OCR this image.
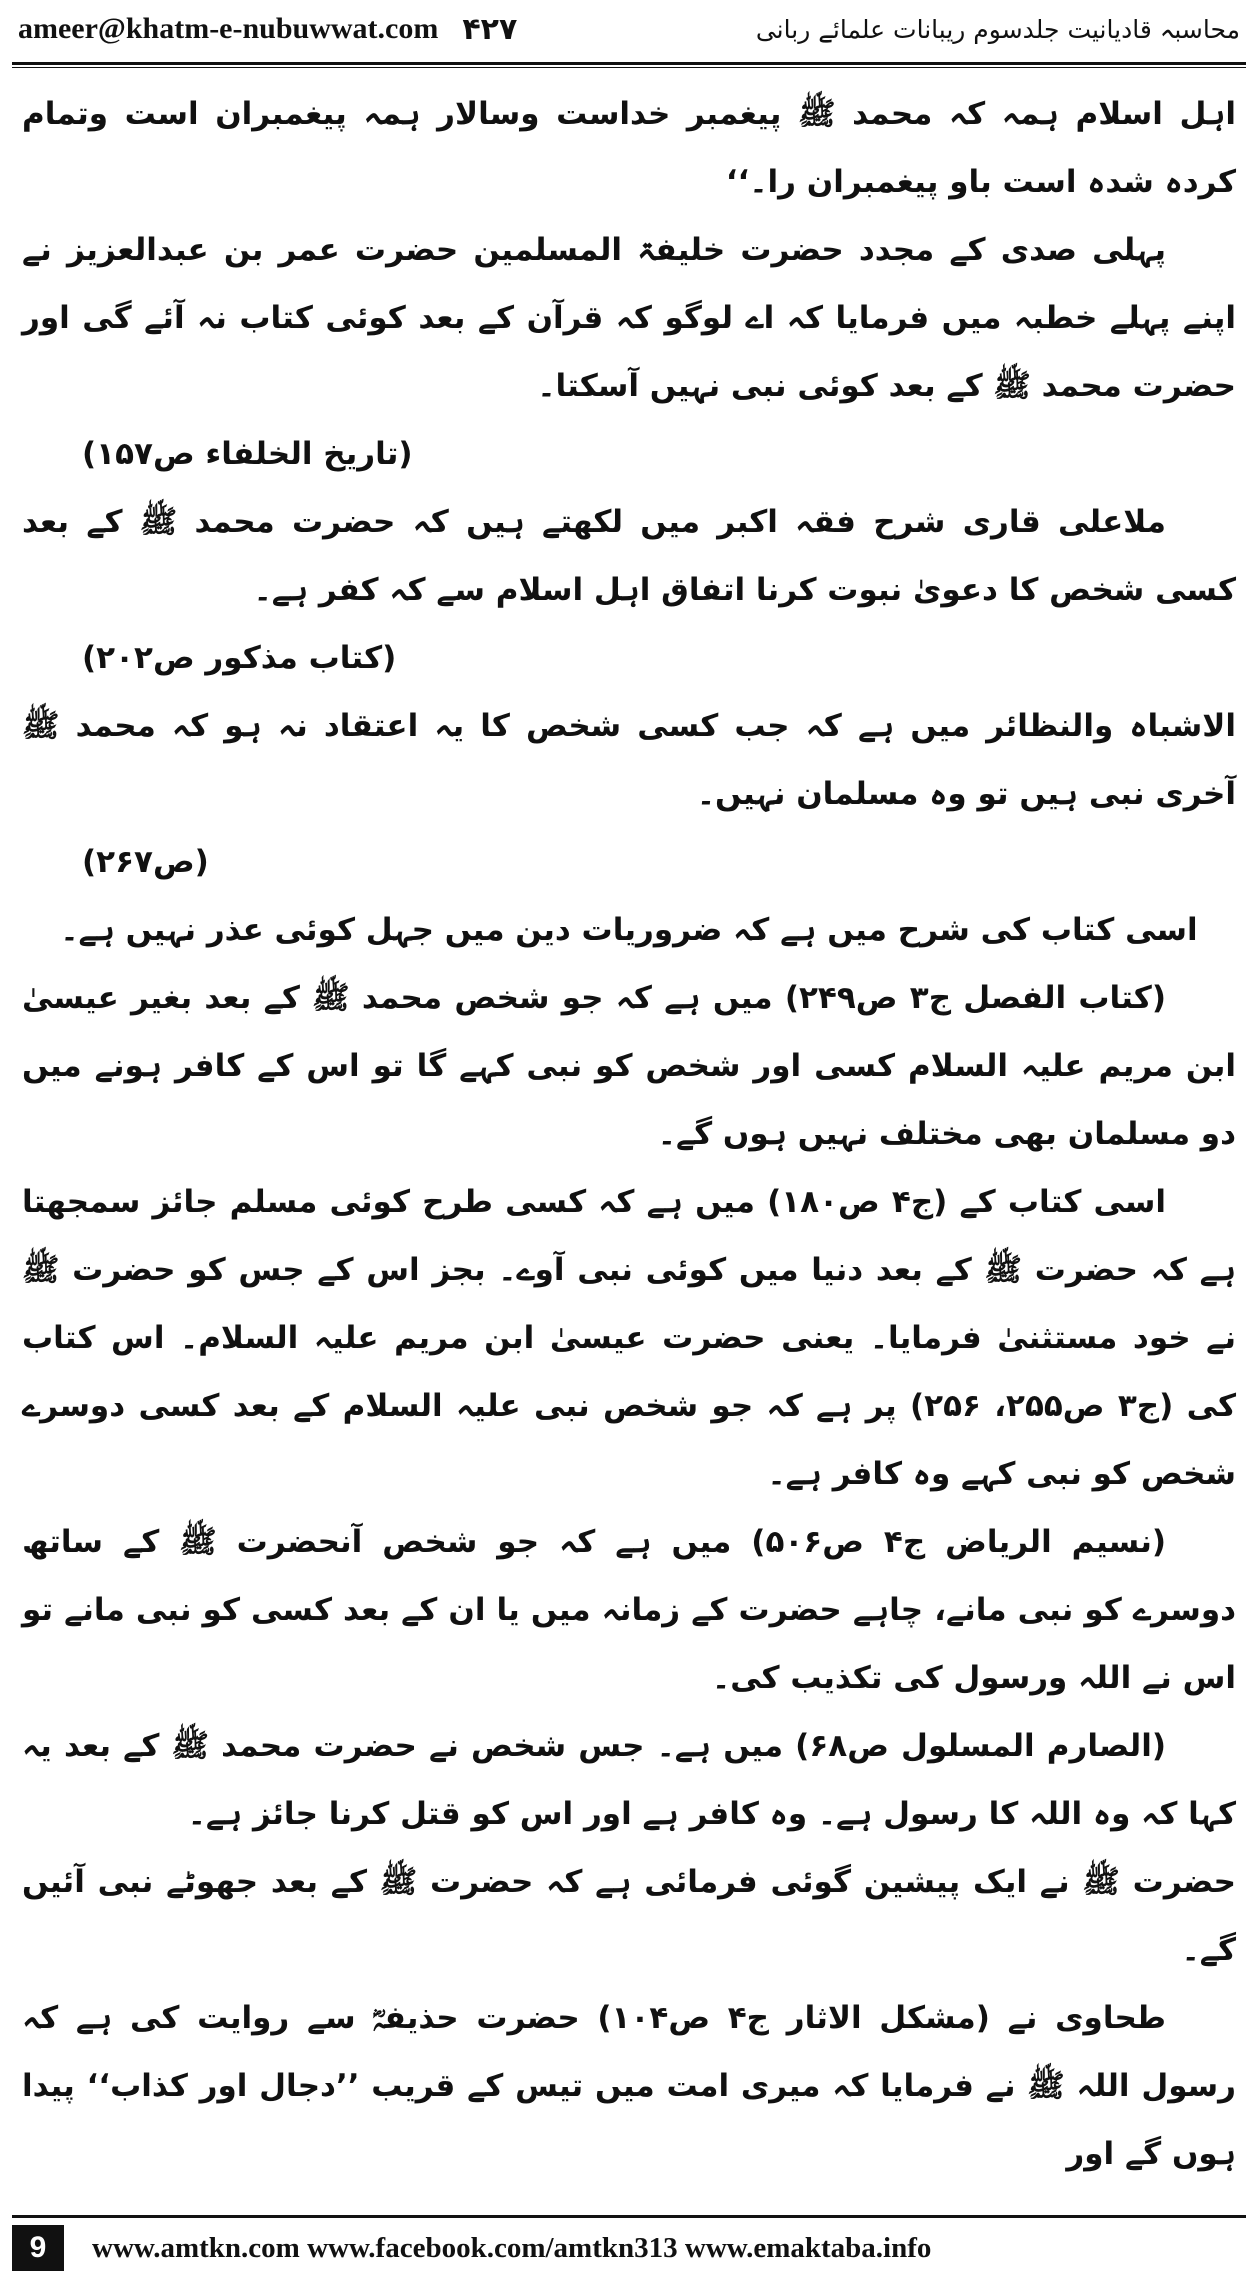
ameer@khatm-e-nubuwwat.com ۴۲۷	محاسبہ قادیانیت جلدسوم ریبانات علمائے ربانی

اہل اسلام ہمہ کہ محمد ﷺ پیغمبر خداست وسالار ہمہ پیغمبران است وتمام کردہ شدہ است باو پیغمبران را۔‘‘

پہلی صدی کے مجدد حضرت خلیفۃ المسلمین حضرت عمر بن عبدالعزیز نے اپنے پہلے خطبہ میں فرمایا کہ اے لوگو کہ قرآن کے بعد کوئی کتاب نہ آئے گی اور حضرت محمد ﷺ کے بعد کوئی نبی نہیں آسکتا۔
(تاریخ الخلفاء ص۱۵۷)

ملاعلی قاری شرح فقہ اکبر میں لکھتے ہیں کہ حضرت محمد ﷺ کے بعد کسی شخص کا دعویٰ نبوت کرنا اتفاق اہل اسلام سے کہ کفر ہے۔
(کتاب مذکور ص۲۰۲)

الاشباہ والنظائر میں ہے کہ جب کسی شخص کا یہ اعتقاد نہ ہو کہ محمد ﷺ آخری نبی ہیں تو وہ مسلمان نہیں۔
(ص۲۶۷)

اسی کتاب کی شرح میں ہے کہ ضروریات دین میں جہل کوئی عذر نہیں ہے۔

(کتاب الفصل ج۳ ص۲۴۹) میں ہے کہ جو شخص محمد ﷺ کے بعد بغیر عیسیٰ ابن مریم علیہ السلام کسی اور شخص کو نبی کہے گا تو اس کے کافر ہونے میں دو مسلمان بھی مختلف نہیں ہوں گے۔

اسی کتاب کے (ج۴ ص۱۸۰) میں ہے کہ کسی طرح کوئی مسلم جائز سمجھتا ہے کہ حضرت ﷺ کے بعد دنیا میں کوئی نبی آوے۔ بجز اس کے جس کو حضرت ﷺ نے خود مستثنیٰ فرمایا۔ یعنی حضرت عیسیٰ ابن مریم علیہ السلام۔ اس کتاب کی (ج۳ ص۲۵۵، ۲۵۶) پر ہے کہ جو شخص نبی علیہ السلام کے بعد کسی دوسرے شخص کو نبی کہے وہ کافر ہے۔

(نسیم الریاض ج۴ ص۵۰۶) میں ہے کہ جو شخص آنحضرت ﷺ کے ساتھ دوسرے کو نبی مانے، چاہے حضرت کے زمانہ میں یا ان کے بعد کسی کو نبی مانے تو اس نے اللہ ورسول کی تکذیب کی۔

(الصارم المسلول ص۶۸) میں ہے۔ جس شخص نے حضرت محمد ﷺ کے بعد یہ کہا کہ وہ اللہ کا رسول ہے۔ وہ کافر ہے اور اس کو قتل کرنا جائز ہے۔

حضرت ﷺ نے ایک پیشین گوئی فرمائی ہے کہ حضرت ﷺ کے بعد جھوٹے نبی آئیں گے۔

طحاوی نے (مشکل الاثار ج۴ ص۱۰۴) حضرت حذیفہؓ سے روایت کی ہے کہ رسول اللہ ﷺ نے فرمایا کہ میری امت میں تیس کے قریب ’’دجال اور کذاب‘‘ پیدا ہوں گے اور

9	www.amtkn.com www.facebook.com/amtkn313 www.emaktaba.info
